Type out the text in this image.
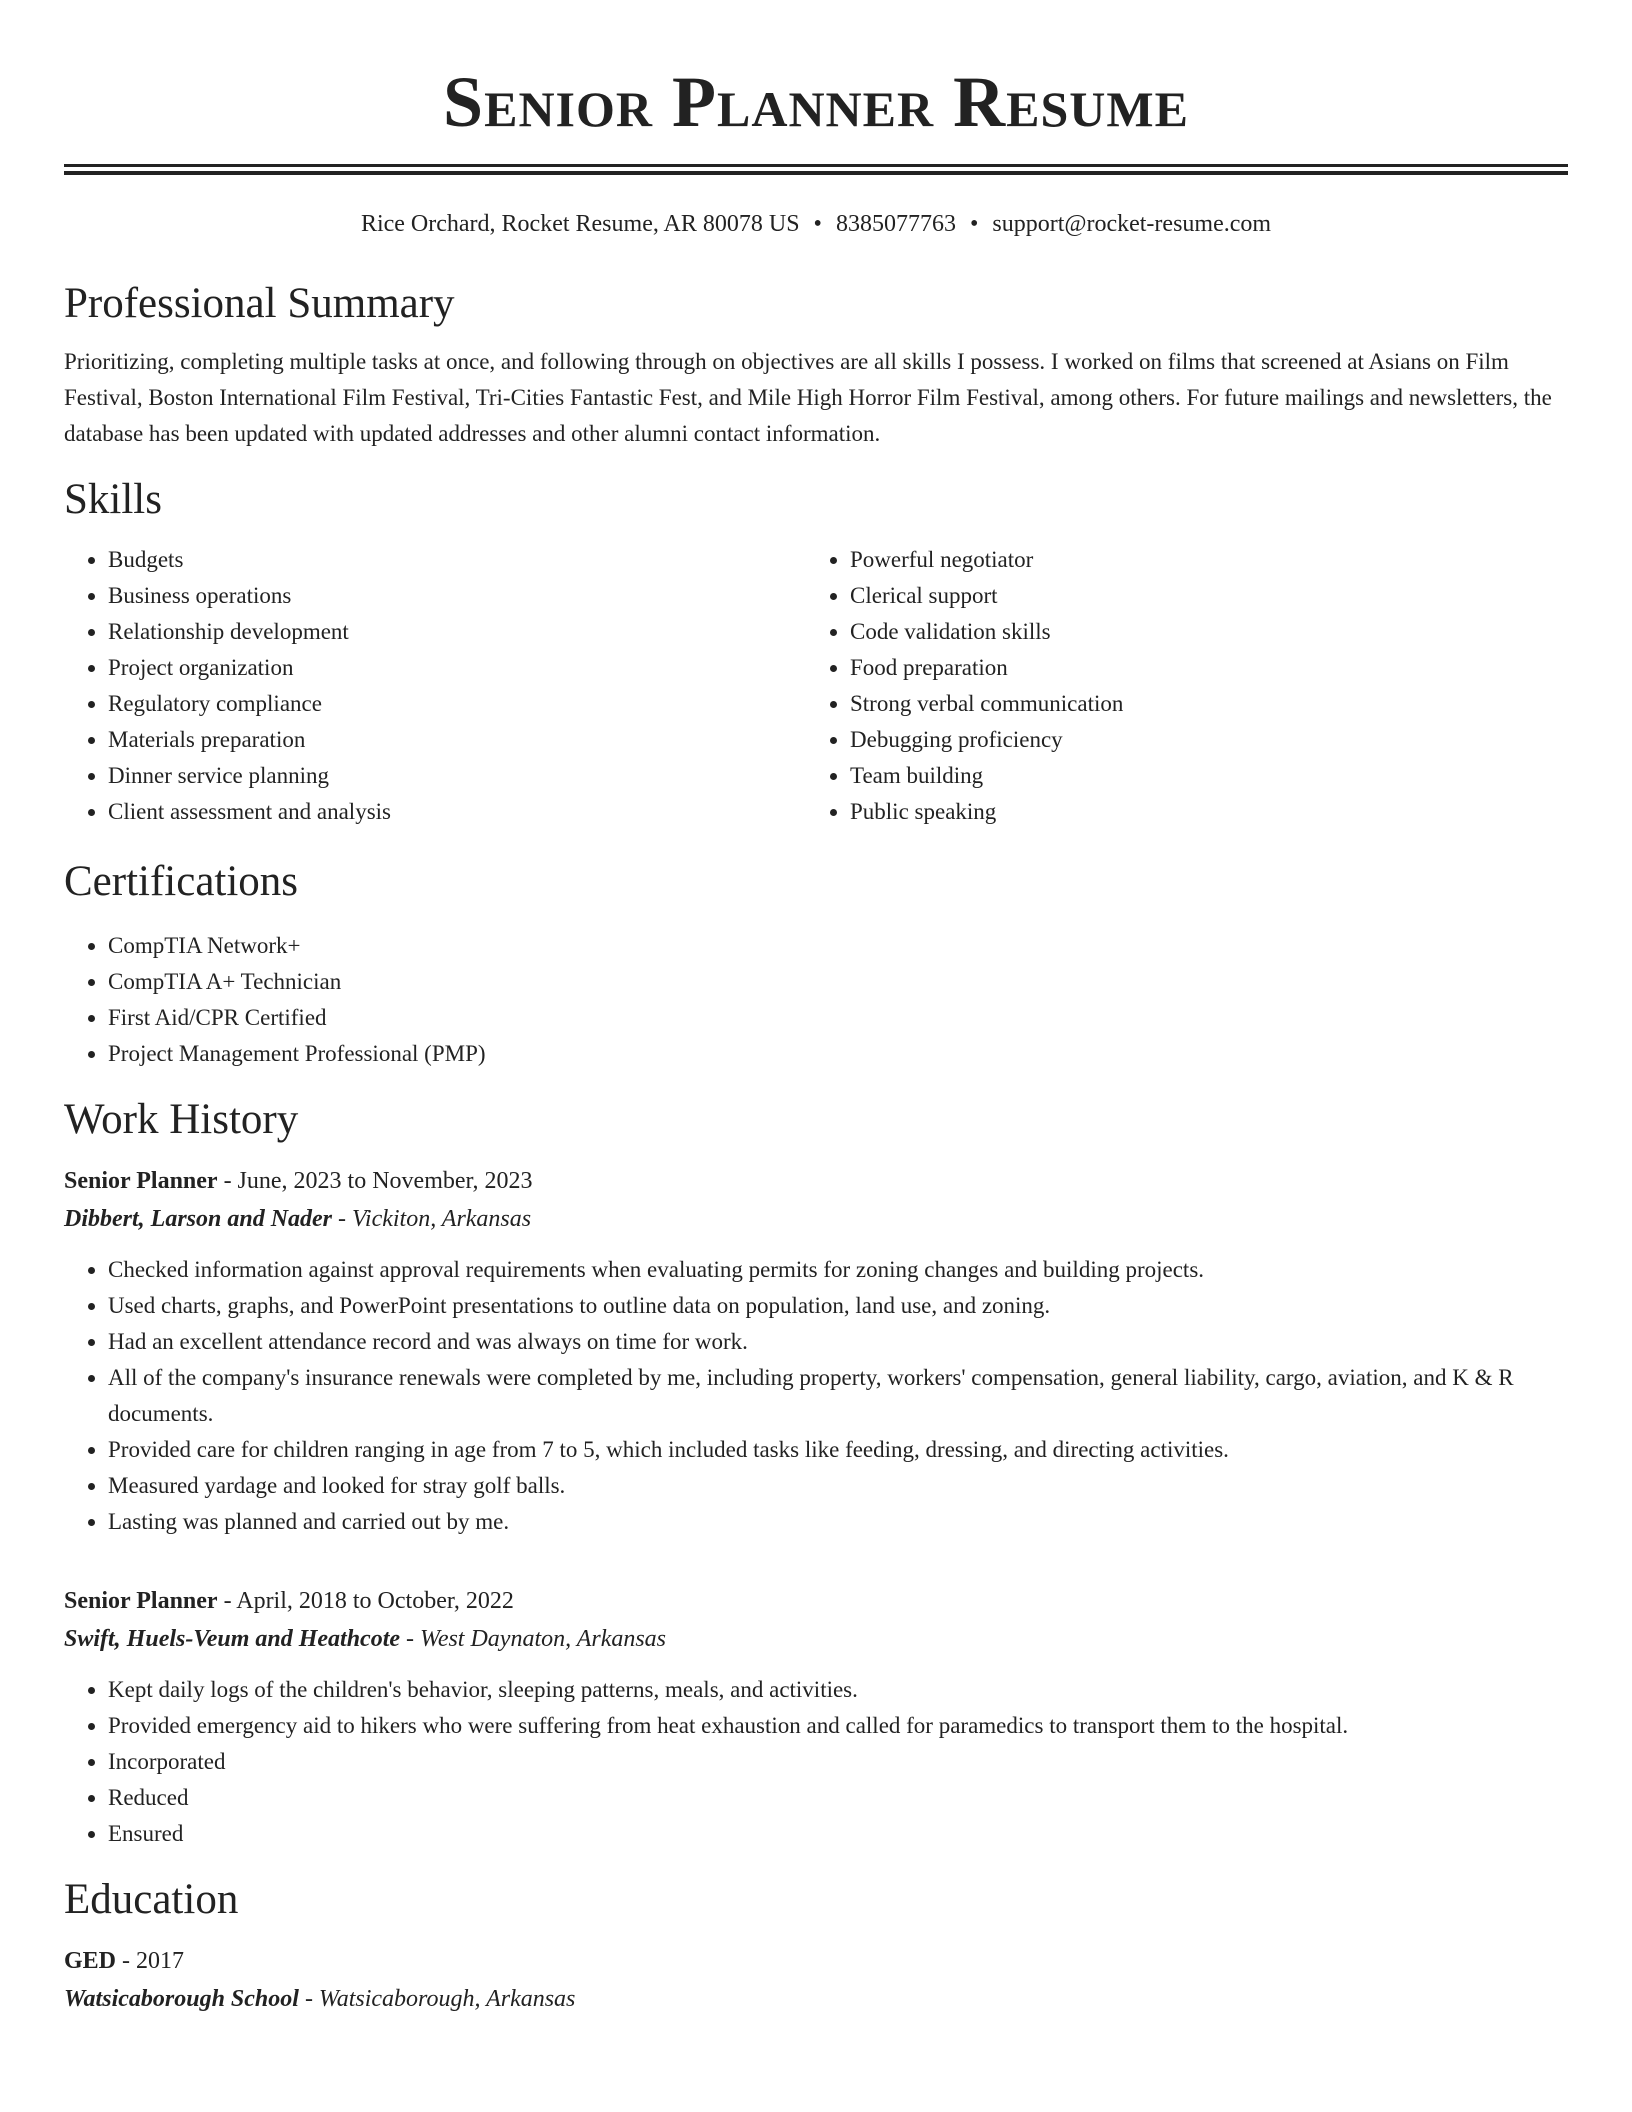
Senior Planner Resume
Rice Orchard, Rocket Resume, AR 80078 US • 8385077763 • support@rocket-resume.com
Professional Summary

Prioritizing, completing multiple tasks at once, and following through on objectives are all skills I possess. I worked on films that screened at Asians on Film Festival, Boston International Film Festival, Tri-Cities Fantastic Fest, and Mile High Horror Film Festival, among others. For future mailings and newsletters, the database has been updated with updated addresses and other alumni contact information.

Skills
• Budgets
• Business operations
• Relationship development
• Project organization
• Regulatory compliance
• Materials preparation
• Dinner service planning
• Client assessment and analysis
• Powerful negotiator
• Clerical support
• Code validation skills
• Food preparation
• Strong verbal communication
• Debugging proficiency
• Team building
• Public speaking
Certifications
• CompTIA Network+
• CompTIA A+ Technician
• First Aid/CPR Certified
• Project Management Professional (PMP)
Work History
Senior Planner - June, 2023 to November, 2023
Dibbert, Larson and Nader - Vickiton, Arkansas
• Checked information against approval requirements when evaluating permits for zoning changes and building projects.
• Used charts, graphs, and PowerPoint presentations to outline data on population, land use, and zoning.
• Had an excellent attendance record and was always on time for work.
• All of the company's insurance renewals were completed by me, including property, workers' compensation, general liability, cargo, aviation, and K & R documents.
• Provided care for children ranging in age from 7 to 5, which included tasks like feeding, dressing, and directing activities.
• Measured yardage and looked for stray golf balls.
• Lasting was planned and carried out by me.
Senior Planner - April, 2018 to October, 2022
Swift, Huels-Veum and Heathcote - West Daynaton, Arkansas
• Kept daily logs of the children's behavior, sleeping patterns, meals, and activities.
• Provided emergency aid to hikers who were suffering from heat exhaustion and called for paramedics to transport them to the hospital.
• Incorporated
• Reduced
• Ensured
Education
GED - 2017
Watsicaborough School - Watsicaborough, Arkansas
